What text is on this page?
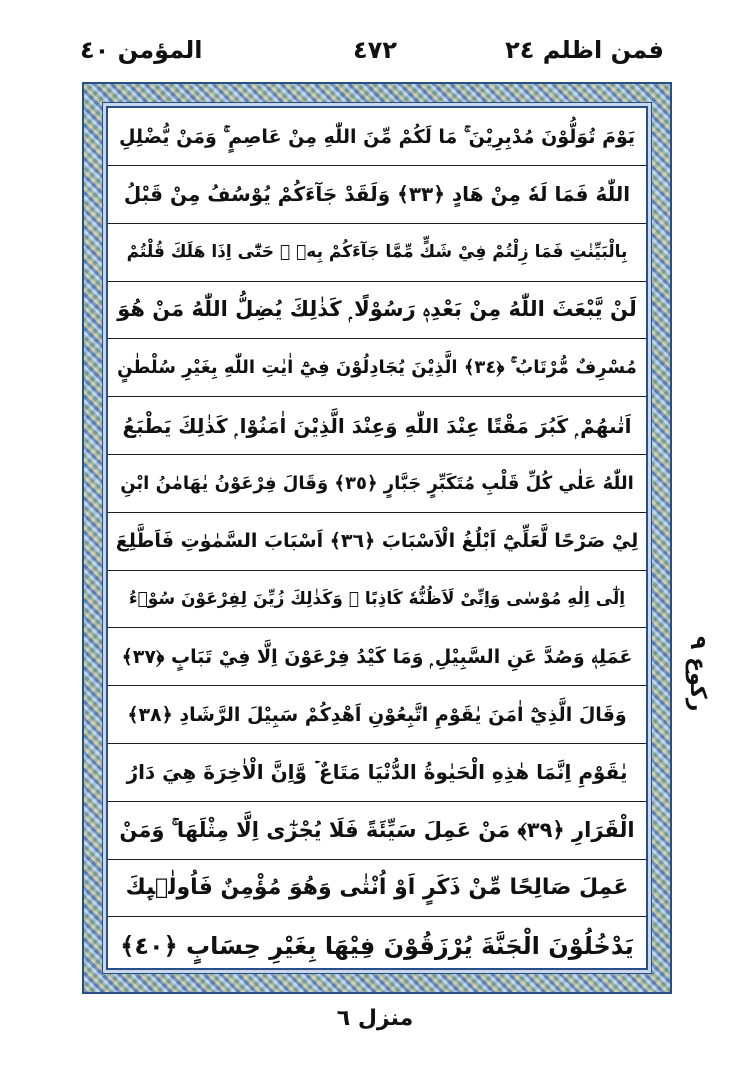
فمن اظلم ٢٤
٤٧٢
المؤمن ٤٠
يَوْمَ تُوَلُّوْنَ مُدْبِرِيْنَ ۚ مَا لَكُمْ مِّنَ اللّٰهِ مِنْ عَاصِمٍ ۚ وَمَنْ يُّضْلِلِ
اللّٰهُ فَمَا لَهٗ مِنْ هَادٍ ﴿٣٣﴾ وَلَقَدْ جَآءَكُمْ يُوْسُفُ مِنْ قَبْلُ
بِالْبَيِّنٰتِ فَمَا زِلْتُمْ فِيْ شَكٍّ مِّمَّا جَآءَكُمْ بِهٖ ۭ حَتّٰٓى اِذَا هَلَكَ قُلْتُمْ
لَنْ يَّبْعَثَ اللّٰهُ مِنْ بَعْدِهٖ رَسُوْلًا ۭ كَذٰلِكَ يُضِلُّ اللّٰهُ مَنْ هُوَ
مُسْرِفٌ مُّرْتَابُ ۚ ﴿٣٤﴾ الَّذِيْنَ يُجَادِلُوْنَ فِيْٓ اٰيٰتِ اللّٰهِ بِغَيْرِ سُلْطٰنٍ
اَتٰىهُمْ ۭ كَبُرَ مَقْتًا عِنْدَ اللّٰهِ وَعِنْدَ الَّذِيْنَ اٰمَنُوْا ۭ كَذٰلِكَ يَطْبَعُ
اللّٰهُ عَلٰي كُلِّ قَلْبِ مُتَكَبِّرٍ جَبَّارٍ ﴿٣٥﴾ وَقَالَ فِرْعَوْنُ يٰهَامٰنُ ابْنِ
لِيْ صَرْحًا لَّعَلِّيْٓ اَبْلُغُ الْاَسْبَابَ ﴿٣٦﴾ اَسْبَابَ السَّمٰوٰتِ فَاَطَّلِعَ
اِلٰٓى اِلٰهِ مُوْسٰى وَاِنِّىْ لَاَظُنُّهٗ كَاذِبًا ۭ وَكَذٰلِكَ زُيِّنَ لِفِرْعَوْنَ سُوْۗءُ
عَمَلِهٖ وَصُدَّ عَنِ السَّبِيْلِ ۭ وَمَا كَيْدُ فِرْعَوْنَ اِلَّا فِيْ تَبَابٍ ﴿٣٧﴾
وَقَالَ الَّذِيْٓ اٰمَنَ يٰقَوْمِ اتَّبِعُوْنِ اَهْدِكُمْ سَبِيْلَ الرَّشَادِ ﴿٣٨﴾
يٰقَوْمِ اِنَّمَا هٰذِهِ الْحَيٰوةُ الدُّنْيَا مَتَاعٌ ۡ وَّاِنَّ الْاٰخِرَةَ هِيَ دَارُ
الْقَرَارِ ﴿٣٩﴾ مَنْ عَمِلَ سَيِّئَةً فَلَا يُجْزٰٓى اِلَّا مِثْلَهَا ۚ وَمَنْ
عَمِلَ صَالِحًا مِّنْ ذَكَرٍ اَوْ اُنْثٰى وَهُوَ مُؤْمِنٌ فَاُولٰۗىِٕكَ
يَدْخُلُوْنَ الْجَنَّةَ يُرْزَقُوْنَ فِيْهَا بِغَيْرِ حِسَابٍ ﴿٤٠﴾
رکوع ٩
منزل ٦
